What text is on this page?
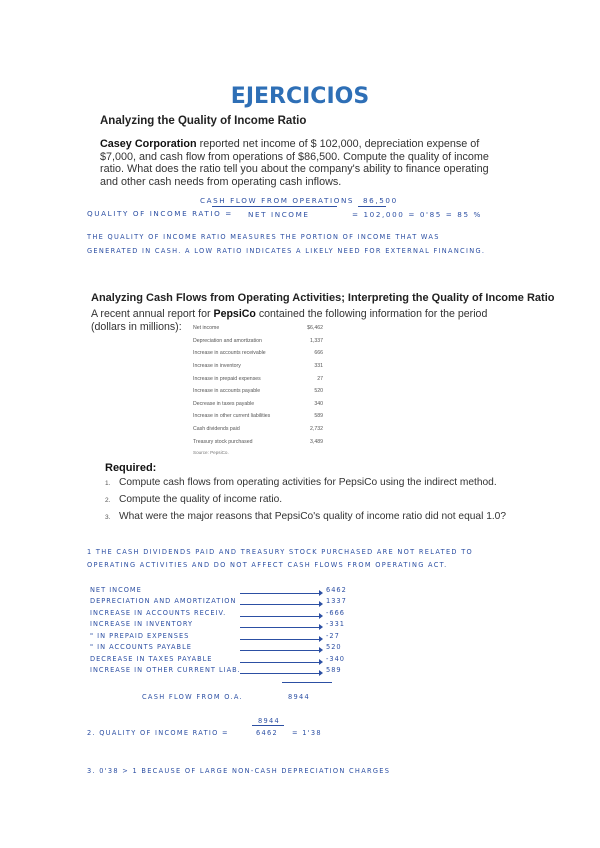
EJERCICIOS
Analyzing the Quality of Income Ratio
Casey Corporation reported net income of $ 102,000, depreciation expense of $7,000, and cash flow from operations of $86,500. Compute the quality of income ratio. What does the ratio tell you about the company's ability to finance operating and other cash needs from operating cash inflows.
CASH FLOW FROM OPERATIONS 86,500
QUALITY OF INCOME RATIO = NET INCOME	= 102,000 = 0'85 = 85 %
THE QUALITY OF INCOME RATIO MEASURES THE PORTION OF INCOME THAT WAS
GENERATED IN CASH. A LOW RATIO INDICATES A LIKELY NEED FOR EXTERNAL FINANCING.
Analyzing Cash Flows from Operating Activities; Interpreting the Quality of Income Ratio
A recent annual report for PepsiCo contained the following information for the period (dollars in millions):	Net income	$6,462
Depreciation and amortization	1,337
Increase in accounts receivable	666
Increase in inventory	331
Increase in prepaid expenses	27
Increase in accounts payable	520
Decrease in taxes payable	340
Increase in other current liabilities	589
Cash dividends paid	2,732
Treasury stock purchased	3,489
Source: PepsiCo.
Required:
1. Compute cash flows from operating activities for PepsiCo using the indirect method.
2. Compute the quality of income ratio.
3. What were the major reasons that PepsiCo's quality of income ratio did not equal 1.0?
1 THE CASH DIVIDENDS PAID AND TREASURY STOCK PURCHASED ARE NOT RELATED TO
OPERATING ACTIVITIES AND DO NOT AFFECT CASH FLOWS FROM OPERATING ACT.
NET INCOME	6462
DEPRECIATION AND AMORTIZATION	1337
INCREASE IN ACCOUNTS RECEIV.	-666
INCREASE IN INVENTORY	-331
" IN PREPAID EXPENSES	-27
" IN ACCOUNTS PAYABLE	520
DECREASE IN TAXES PAYABLE	-340
INCREASE IN OTHER CURRENT LIAB.	589
CASH FLOW FROM O.A.	8944
8944
2. QUALITY OF INCOME RATIO =	6462 = 1'38
3. 0'38 > 1 BECAUSE OF LARGE NON-CASH DEPRECIATION CHARGES
